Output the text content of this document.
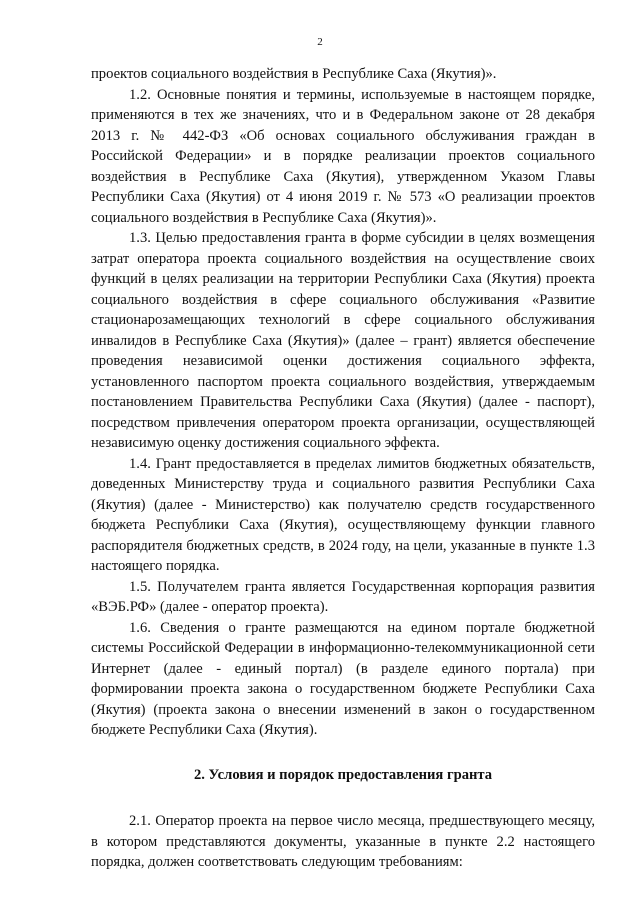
2

проектов социального воздействия в Республике Саха (Якутия)».

1.2. Основные понятия и термины, используемые в настоящем порядке, применяются в тех же значениях, что и в Федеральном законе от 28 декабря 2013 г. № 442-ФЗ «Об основах социального обслуживания граждан в Российской Федерации» и в порядке реализации проектов социального воздействия в Республике Саха (Якутия), утвержденном Указом Главы Республики Саха (Якутия) от 4 июня 2019 г. № 573 «О реализации проектов социального воздействия в Республике Саха (Якутия)».

1.3. Целью предоставления гранта в форме субсидии в целях возмещения затрат оператора проекта социального воздействия на осуществление своих функций в целях реализации на территории Республики Саха (Якутия) проекта социального воздействия в сфере социального обслуживания «Развитие стационарозамещающих технологий в сфере социального обслуживания инвалидов в Республике Саха (Якутия)» (далее – грант) является обеспечение проведения независимой оценки достижения социального эффекта, установленного паспортом проекта социального воздействия, утверждаемым постановлением Правительства Республики Саха (Якутия) (далее - паспорт), посредством привлечения оператором проекта организации, осуществляющей независимую оценку достижения социального эффекта.

1.4. Грант предоставляется в пределах лимитов бюджетных обязательств, доведенных Министерству труда и социального развития Республики Саха (Якутия) (далее - Министерство) как получателю средств государственного бюджета Республики Саха (Якутия), осуществляющему функции главного распорядителя бюджетных средств, в 2024 году, на цели, указанные в пункте 1.3 настоящего порядка.

1.5. Получателем гранта является Государственная корпорация развития «ВЭБ.РФ» (далее - оператор проекта).

1.6. Сведения о гранте размещаются на едином портале бюджетной системы Российской Федерации в информационно-телекоммуникационной сети Интернет (далее - единый портал) (в разделе единого портала) при формировании проекта закона о государственном бюджете Республики Саха (Якутия) (проекта закона о внесении изменений в закон о государственном бюджете Республики Саха (Якутия).

2. Условия и порядок предоставления гранта

2.1. Оператор проекта на первое число месяца, предшествующего месяцу, в котором представляются документы, указанные в пункте 2.2 настоящего порядка, должен соответствовать следующим требованиям:
